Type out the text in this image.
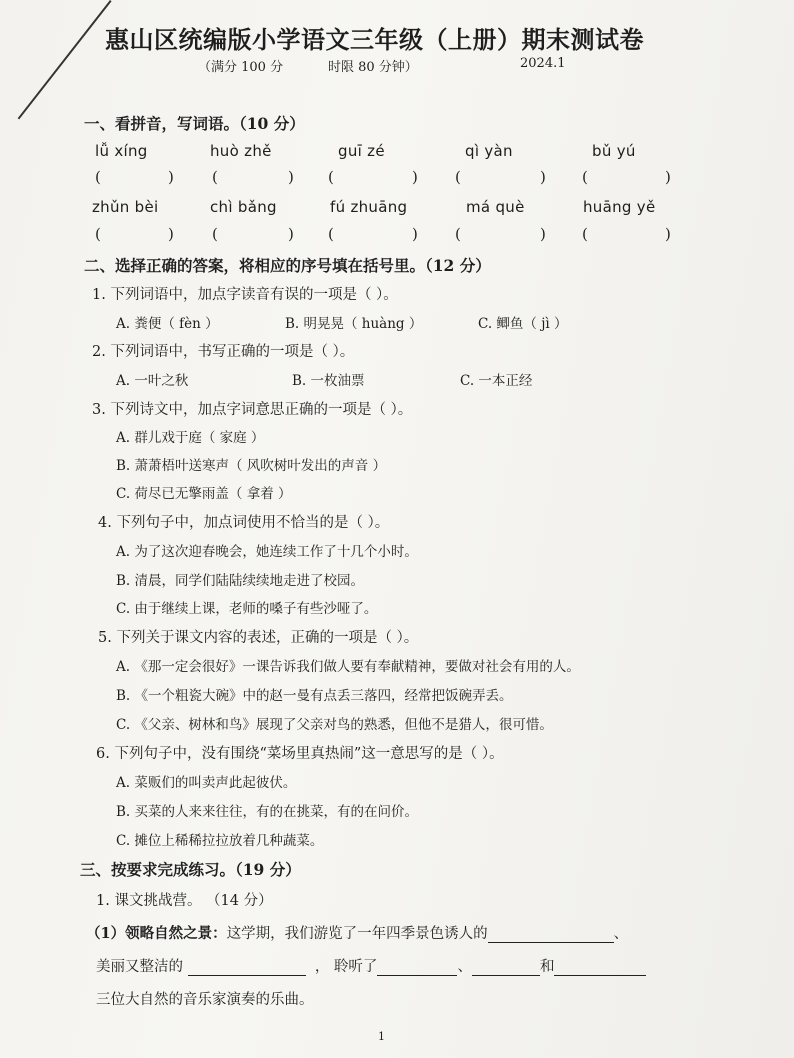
惠山区统编版小学语文三年级（上册）期末测试卷
（满分 100 分	时限 80 分钟）	2024.1
一、看拼音，写词语。（10 分）
lǚ xíng	huò zhě	guī zé	qì yàn	bǔ yú
(	)	(	) (	) (	) (	)
zhǔn bèi	chì bǎng	fú zhuāng	má què	huāng yě
(	)	(	) (	) (	) (	)
二、选择正确的答案，将相应的序号填在括号里。（12 分）
1. 下列词语中，加点字读音有误的一项是（ ）。
A. 粪便（ fèn ）	B. 明晃晃（ huàng ）	C. 鲫鱼（ jì ）
2. 下列词语中，书写正确的一项是（ ）。
A. 一叶之秋	B. 一枚油票	C. 一本正经
3. 下列诗文中，加点字词意思正确的一项是（ ）。
A. 群儿戏于庭（ 家庭 ）
B. 萧萧梧叶送寒声（ 风吹树叶发出的声音 ）
C. 荷尽已无擎雨盖（ 拿着 ）
4. 下列句子中，加点词使用不恰当的是（ ）。
A. 为了这次迎春晚会，她连续工作了十几个小时。
B. 清晨，同学们陆陆续续地走进了校园。
C. 由于继续上课，老师的嗓子有些沙哑了。
5. 下列关于课文内容的表述，正确的一项是（ ）。
A. 《那一定会很好》一课告诉我们做人要有奉献精神，要做对社会有用的人。
B. 《一个粗瓷大碗》中的赵一曼有点丢三落四，经常把饭碗弄丢。
C. 《父亲、树林和鸟》展现了父亲对鸟的熟悉，但他不是猎人，很可惜。
6. 下列句子中，没有围绕“菜场里真热闹”这一意思写的是（ ）。
A. 菜贩们的叫卖声此起彼伏。
B. 买菜的人来来往往，有的在挑菜，有的在问价。
C. 摊位上稀稀拉拉放着几种蔬菜。
三、按要求完成练习。（19 分）
1. 课文挑战营。 （14 分）
（1）领略自然之景：这学期，我们游览了一年四季景色诱人的	、
美丽又整洁的	， 聆听了	、	和
三位大自然的音乐家演奏的乐曲。
1
